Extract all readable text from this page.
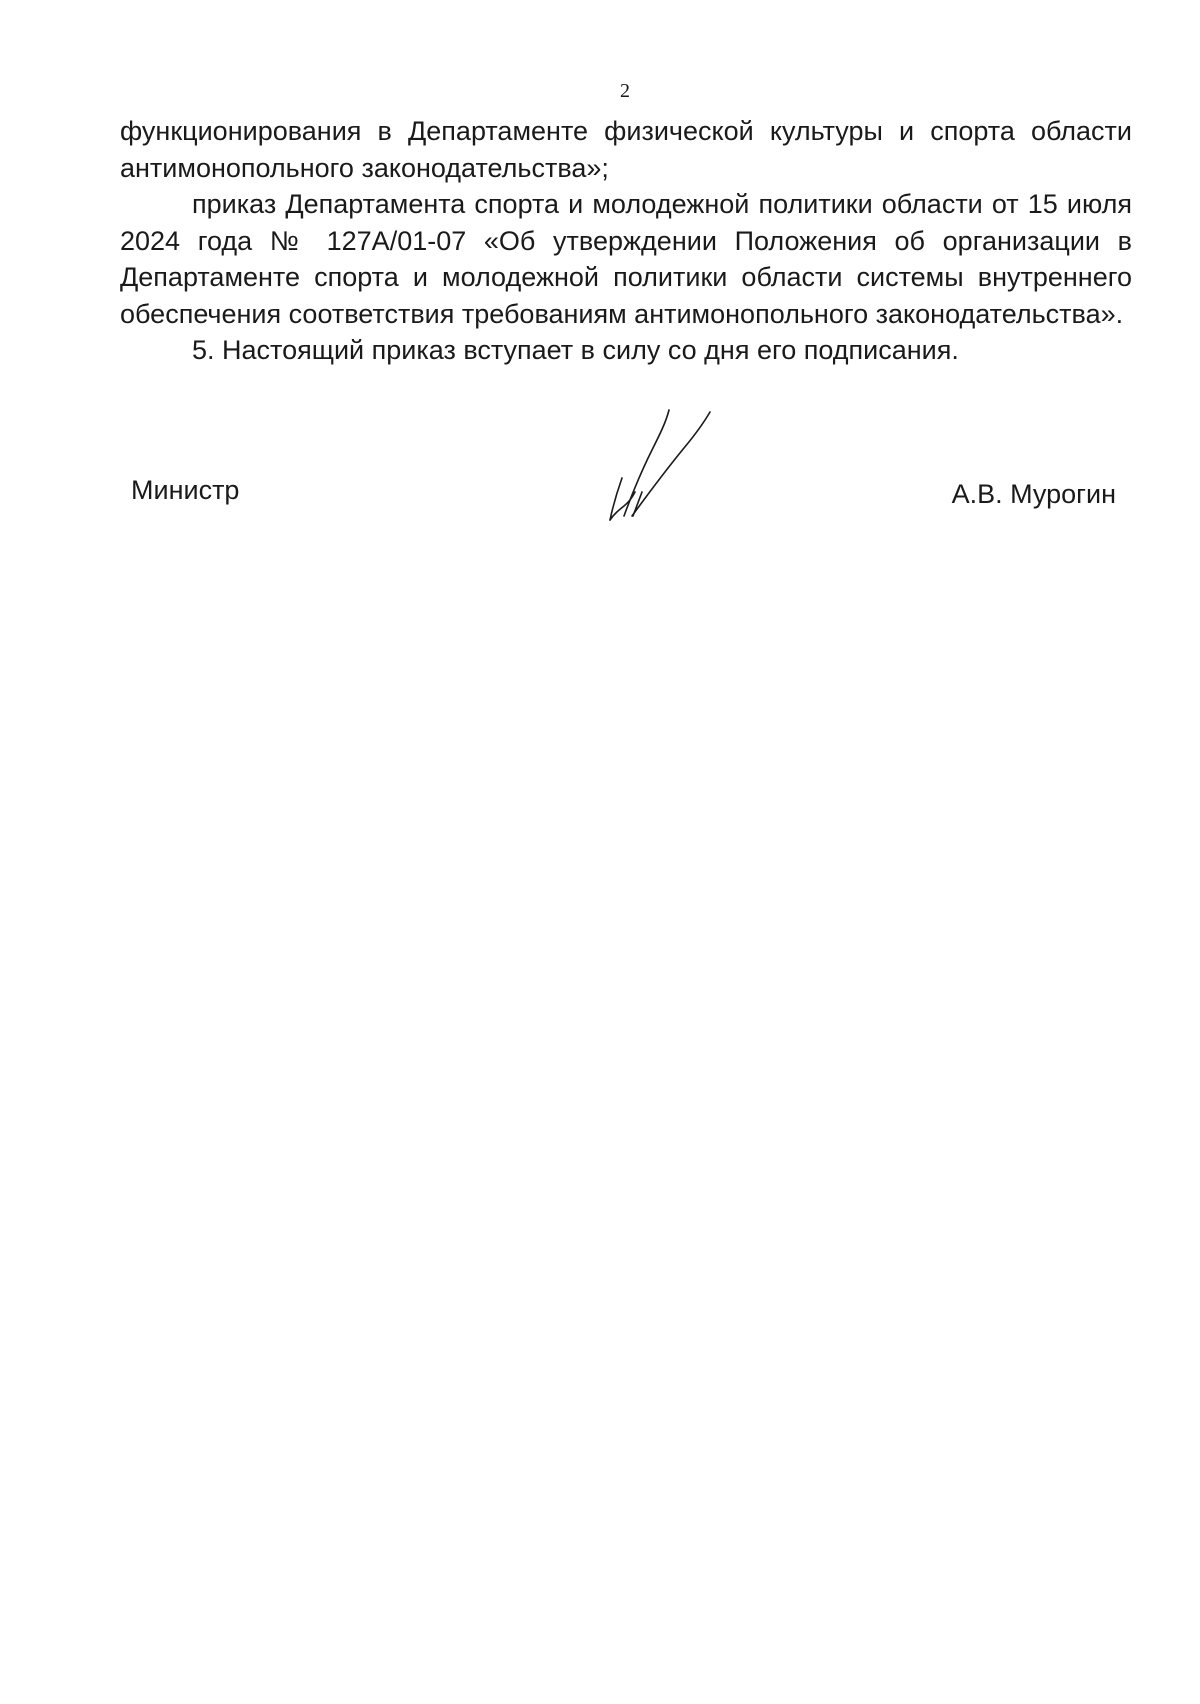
2

функционирования в Департаменте физической культуры и спорта области антимонопольного законодательства»;

приказ Департамента спорта и молодежной политики области от 15 июля 2024 года № 127А/01-07 «Об утверждении Положения об организации в Департаменте спорта и молодежной политики области системы внутреннего обеспечения соответствия требованиям антимонопольного законодательства».

5. Настоящий приказ вступает в силу со дня его подписания.

Министр	А.В. Мурогин
